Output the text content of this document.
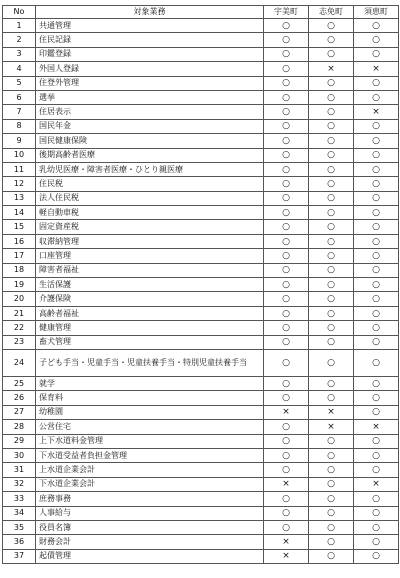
No	対象業務	宇美町	志免町	須恵町
1	共通管理	○	○	○
2	住民記録	○	○	○
3	印鑑登録	○	○	○
4	外国人登録	○	×	×
5	住登外管理	○	○	○
6	選挙	○	○	○
7	住居表示	○	○	×
8	国民年金	○	○	○
9	国民健康保険	○	○	○
10	後期高齢者医療	○	○	○
11	乳幼児医療・障害者医療・ひとり親医療	○	○	○
12	住民税	○	○	○
13	法人住民税	○	○	○
14	軽自動車税	○	○	○
15	固定資産税	○	○	○
16	収滞納管理	○	○	○
17	口座管理	○	○	○
18	障害者福祉	○	○	○
19	生活保護	○	○	○
20	介護保険	○	○	○
21	高齢者福祉	○	○	○
22	健康管理	○	○	○
23	畜犬管理	○	○	○
24	子ども手当・児童手当・児童扶養手当・特別児童扶養手当	○	○	○
25	就学	○	○	○
26	保育料	○	○	○
27	幼稚園	×	×	○
28	公営住宅	○	×	×
29	上下水道料金管理	○	○	○
30	下水道受益者負担金管理	○	○	○
31	上水道企業会計	○	○	○
32	下水道企業会計	×	○	×
33	庶務事務	○	○	○
34	人事給与	○	○	○
35	役員名簿	○	○	○
36	財務会計	×	○	○
37	起債管理	×	○	○
